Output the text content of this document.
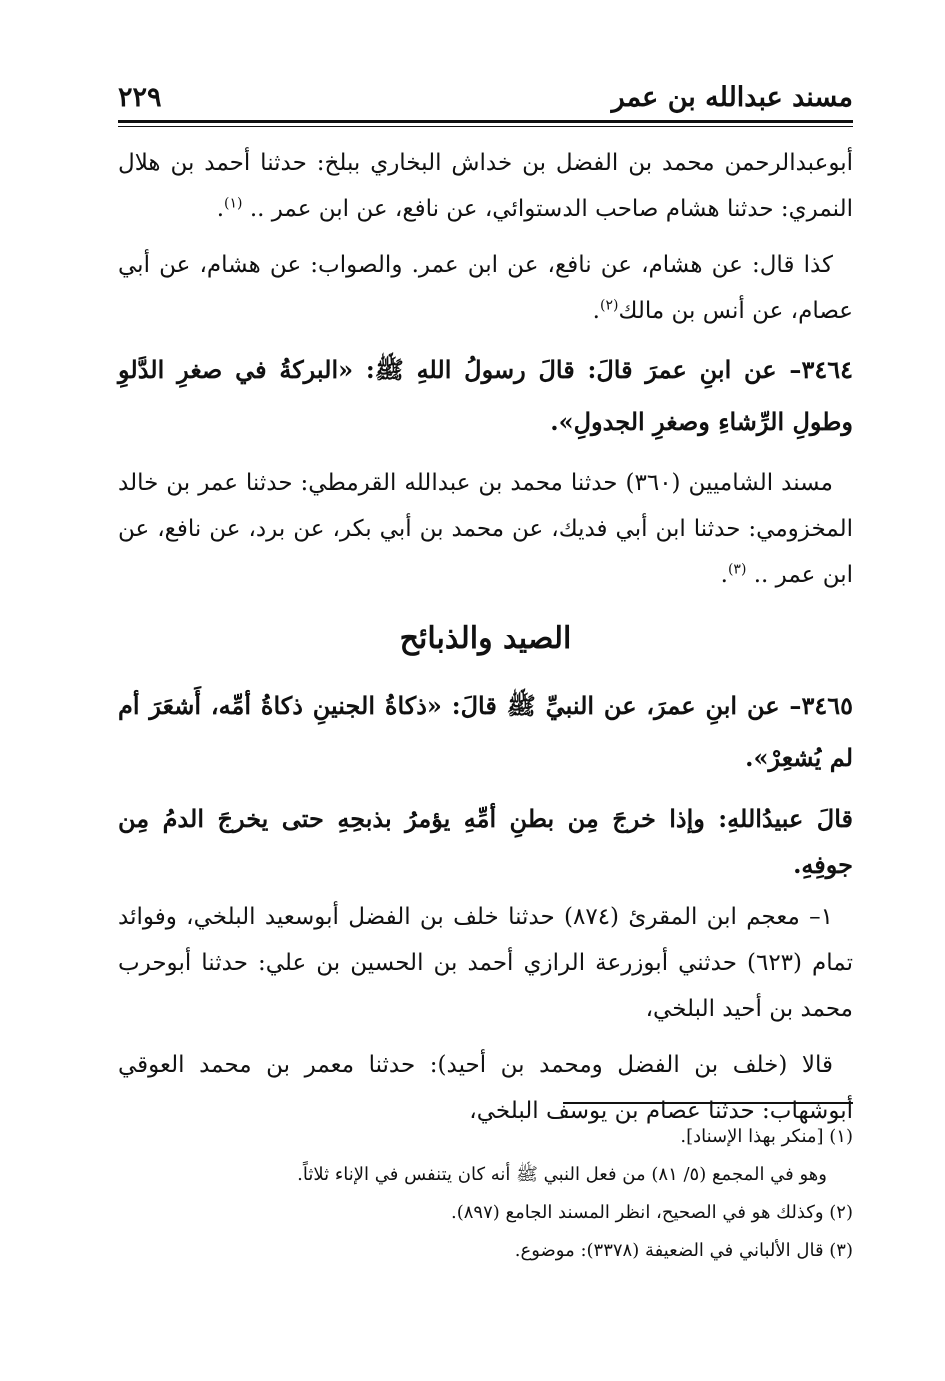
مسند عبدالله بن عمر
٢٢٩

أبوعبدالرحمن محمد بن الفضل بن خداش البخاري ببلخ: حدثنا أحمد بن هلال النمري: حدثنا هشام صاحب الدستوائي، عن نافع، عن ابن عمر .. $^{(١)}$.

كذا قال: عن هشام، عن نافع، عن ابن عمر. والصواب: عن هشام، عن أبي عصام، عن أنس بن مالك$^{(٢)}$.

٣٤٦٤– عن ابنِ عمرَ قالَ: قالَ رسولُ اللهِ ﷺ: «البركةُ في صغرِ الدَّلوِ وطولِ الرِّشاءِ وصغرِ الجدولِ».

مسند الشاميين (٣٦٠) حدثنا محمد بن عبدالله القرمطي: حدثنا عمر بن خالد المخزومي: حدثنا ابن أبي فديك، عن محمد بن أبي بكر، عن برد، عن نافع، عن ابن عمر .. $^{(٣)}$.

الصيد والذبائح

٣٤٦٥– عن ابنِ عمرَ، عن النبيِّ ﷺ قالَ: «ذكاةُ الجنينِ ذكاةُ أمِّه، أَشعَرَ أم لم يُشعِرْ».

قالَ عبيدُاللهِ: وإذا خرجَ مِن بطنِ أمِّهِ يؤمرُ بذبحِهِ حتى يخرجَ الدمُ مِن جوفِهِ.

١– معجم ابن المقرئ (٨٧٤) حدثنا خلف بن الفضل أبوسعيد البلخي، وفوائد تمام (٦٢٣) حدثني أبوزرعة الرازي أحمد بن الحسين بن علي: حدثنا أبوحرب محمد بن أحيد البلخي،

قالا (خلف بن الفضل ومحمد بن أحيد): حدثنا معمر بن محمد العوقي أبوشهاب: حدثنا عصام بن يوسف البلخي،

(١) [منكر بهذا الإسناد].

وهو في المجمع (٥/ ٨١) من فعل النبي ﷺ أنه كان يتنفس في الإناء ثلاثاً.

(٢) وكذلك هو في الصحيح، انظر المسند الجامع (٨٩٧).

(٣) قال الألباني في الضعيفة (٣٣٧٨): موضوع.
